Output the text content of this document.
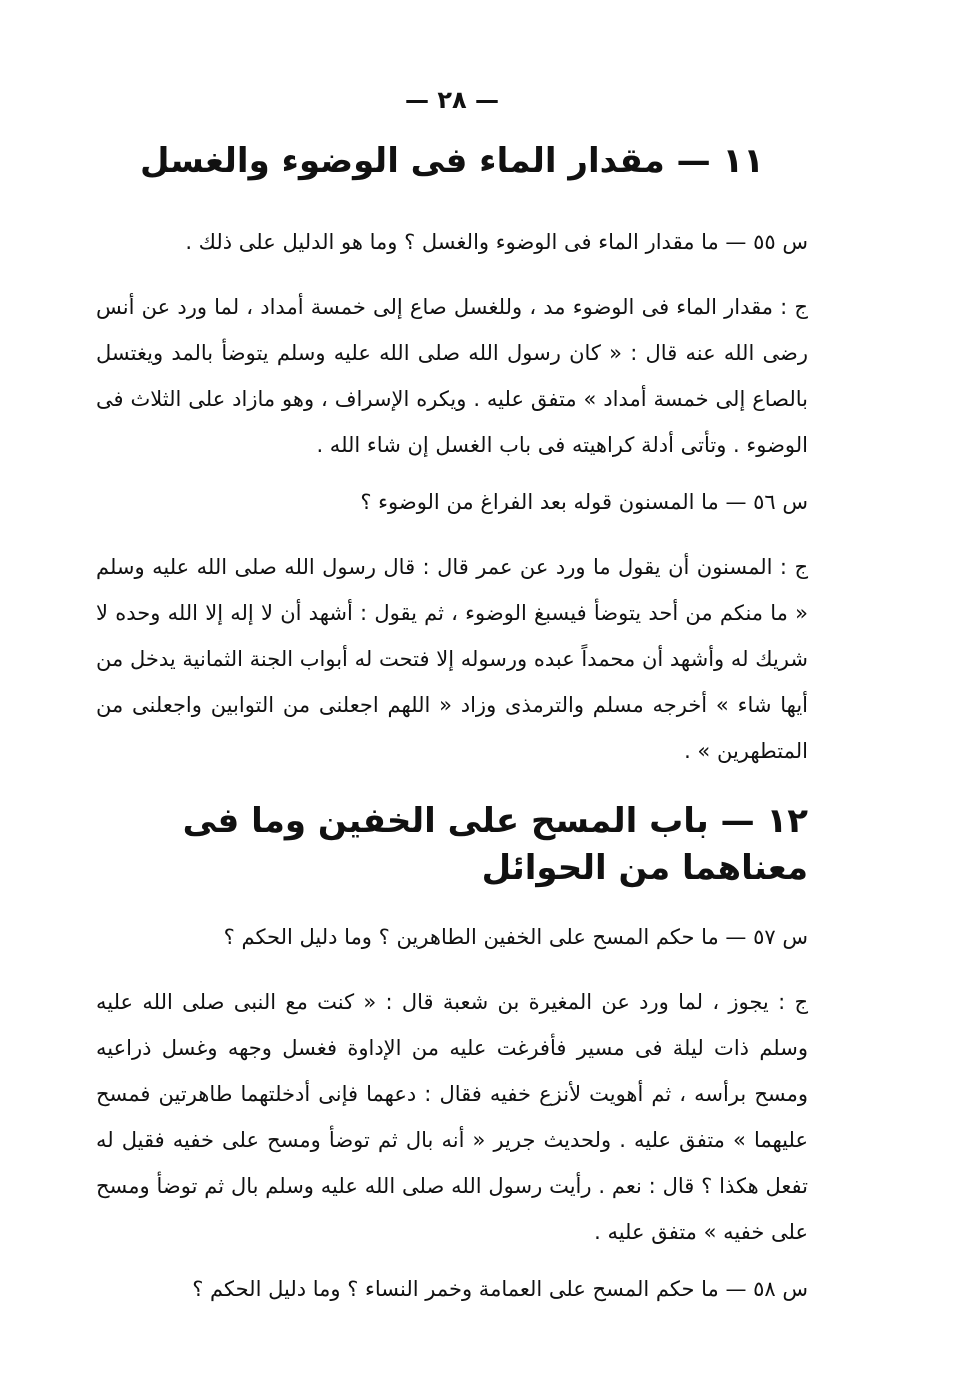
— ٢٨ —
١١ — مقدار الماء فى الوضوء والغسل

س ٥٥ — ما مقدار الماء فى الوضوء والغسل ؟ وما هو الدليل على ذلك .

ج : مقدار الماء فى الوضوء مد ، وللغسل صاع إلى خمسة أمداد ، لما ورد عن أنس رضى الله عنه قال : « كان رسول الله صلى الله عليه وسلم يتوضأ بالمد ويغتسل بالصاع إلى خمسة أمداد » متفق عليه . ويكره الإسراف ، وهو مازاد على الثلاث فى الوضوء . وتأتى أدلة كراهيته فى باب الغسل إن شاء الله .

س ٥٦ — ما المسنون قوله بعد الفراغ من الوضوء ؟

ج : المسنون أن يقول ما ورد عن عمر قال : قال رسول الله صلى الله عليه وسلم « ما منكم من أحد يتوضأ فيسبغ الوضوء ، ثم يقول : أشهد أن لا إله إلا الله وحده لا شريك له وأشهد أن محمداً عبده ورسوله إلا فتحت له أبواب الجنة الثمانية يدخل من أيها شاء » أخرجه مسلم والترمذى وزاد « اللهم اجعلنى من التوابين واجعلنى من المتطهرين » .

١٢ — باب المسح على الخفين وما فى معناهما من الحوائل

س ٥٧ — ما حكم المسح على الخفين الطاهرين ؟ وما دليل الحكم ؟

ج : يجوز ، لما ورد عن المغيرة بن شعبة قال : « كنت مع النبى صلى الله عليه وسلم ذات ليلة فى مسير فأفرغت عليه من الإداوة فغسل وجهه وغسل ذراعيه ومسح برأسه ، ثم أهويت لأنزع خفيه فقال : دعهما فإنى أدخلتهما طاهرتين فمسح عليهما » متفق عليه . ولحديث جرير « أنه بال ثم توضأ ومسح على خفيه فقيل له تفعل هكذا ؟ قال : نعم . رأيت رسول الله صلى الله عليه وسلم بال ثم توضأ ومسح على خفيه » متفق عليه .

س ٥٨ — ما حكم المسح على العمامة وخمر النساء ؟ وما دليل الحكم ؟
